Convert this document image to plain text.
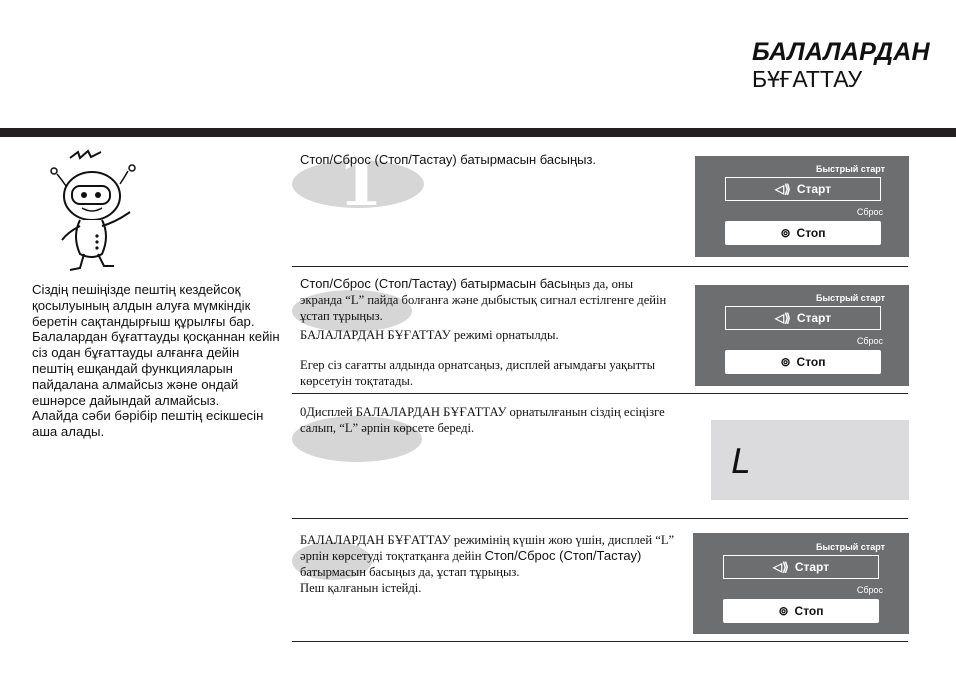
БАЛАЛАРДАН
БҰҒАТТАУ

Сіздің пешіңізде пештің кездейсоқ қосылуының алдын алуға мүмкіндік беретін сақтандырғыш құрылғы бар. Балалардан бұғаттауды қосқаннан кейін сіз одан бұғаттауды алғанға дейін пештің ешқандай функцияларын пайдалана алмайсыз және ондай ешнәрсе дайындай алмайсыз.

Алайда сәби бәрібір пештің есікшесін аша алады.

1
Стоп/Сброс (Стоп/Тастау) батырмасын басыңыз.
Быстрый старт
◁⟫ Старт
Сброс
⊚ Стоп
Стоп/Сброс (Стоп/Тастау) батырмасын басыңыз да, оны экранда “L” пайда болғанға және дыбыстық сигнал естілгенге дейін ұстап тұрыңыз.
БАЛАЛАРДАН БҰҒАТТАУ режимі орнатылды.
Егер сіз сағатты алдында орнатсаңыз, дисплей ағымдағы уақытты көрсетуін тоқтатады.
Быстрый старт
◁⟫ Старт
Сброс
⊚ Стоп
0Дисплей БАЛАЛАРДАН БҰҒАТТАУ орнатылғанын сіздің есіңізге салып, “L” әрпін көрсете береді.
L
БАЛАЛАРДАН БҰҒАТТАУ режимінің күшін жою үшін, дисплей “L” әрпін көрсетуді тоқтатқанға дейін Стоп/Сброс (Стоп/Тастау) батырмасын басыңыз да, ұстап тұрыңыз.
Пеш қалғанын істейді.
Быстрый старт
◁⟫ Старт
Сброс
⊚ Стоп
